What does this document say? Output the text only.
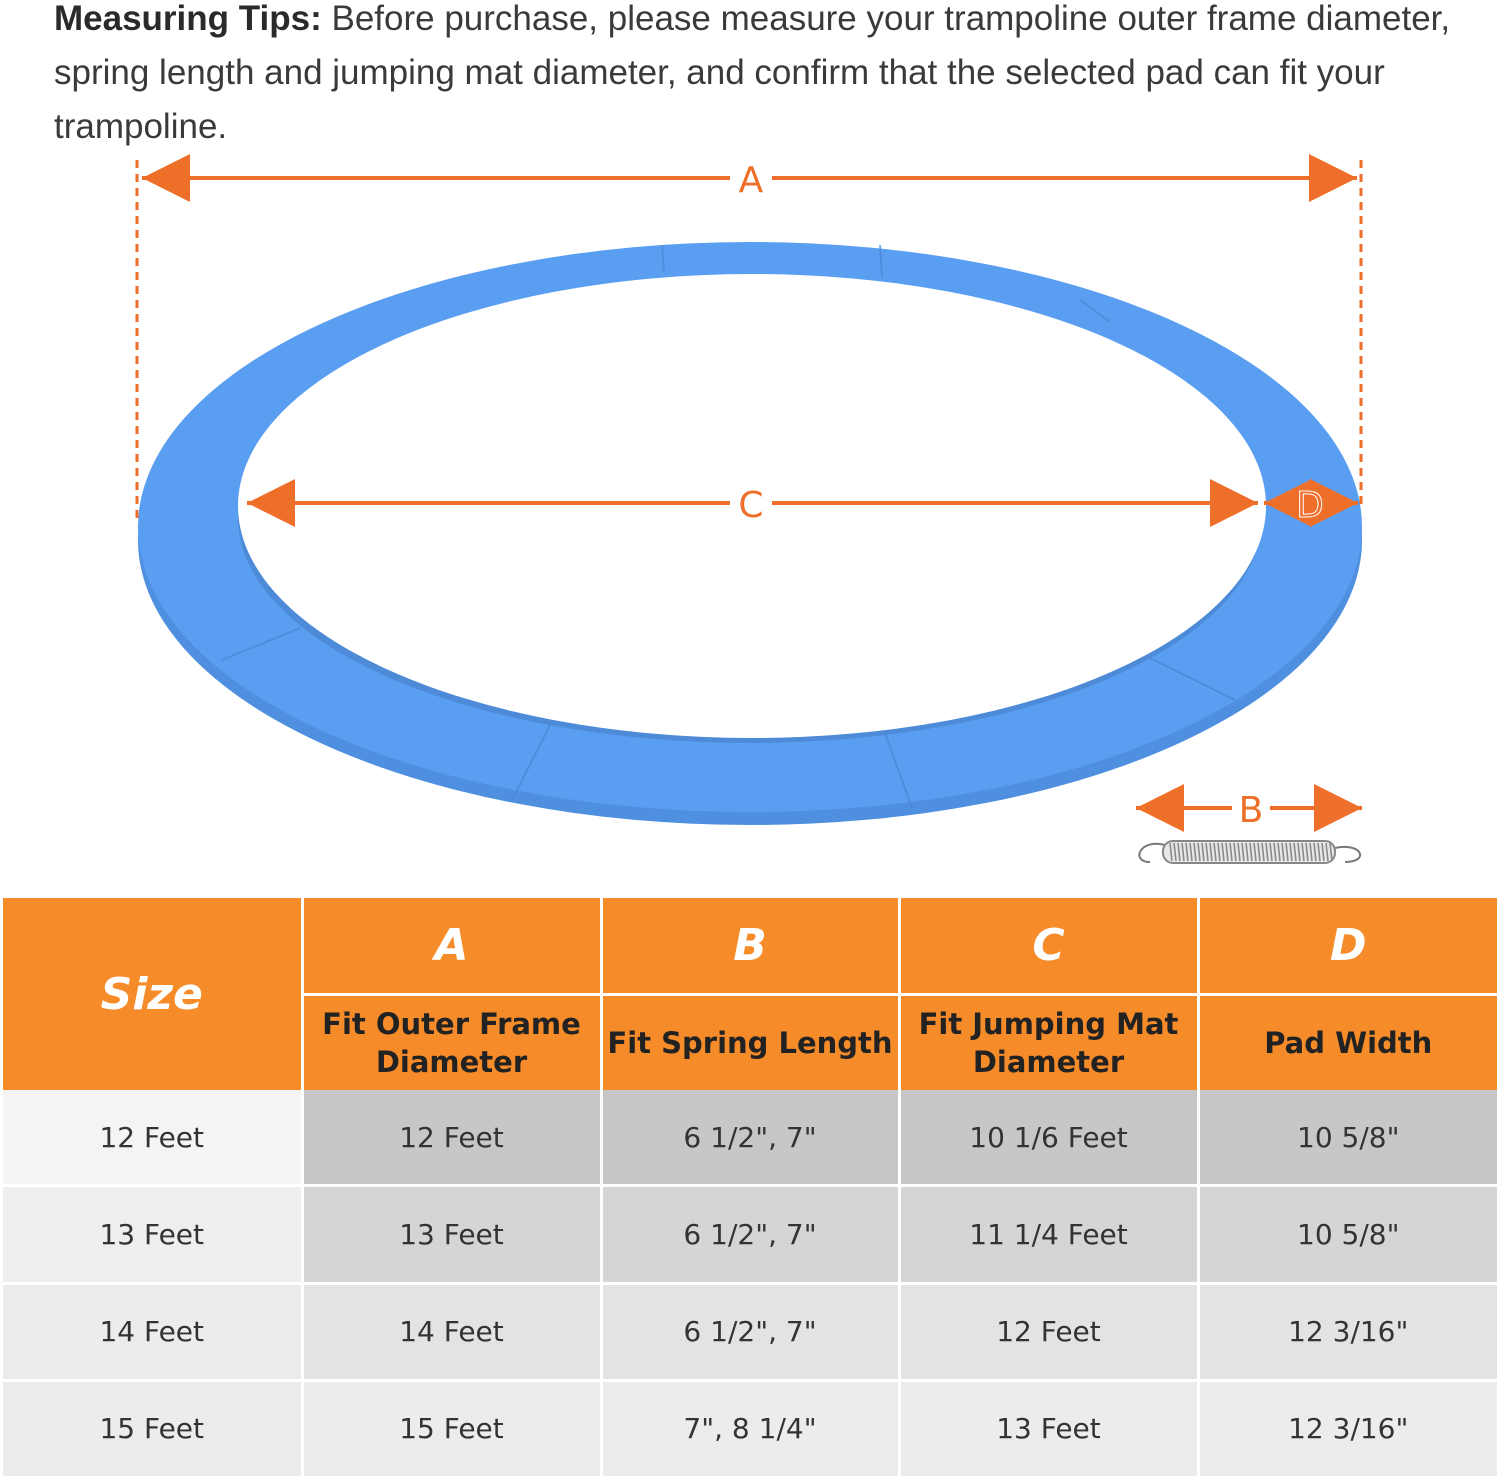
Measuring Tips: Before purchase, please measure your trampoline outer frame diameter, spring length and jumping mat diameter, and confirm that the selected pad can fit your trampoline.
A
C	D
B
Size	A	B	C	D
	Fit Outer Frame Diameter	Fit Spring Length	Fit Jumping Mat Diameter	Pad Width
12 Feet	12 Feet	6 1/2", 7"	10 1/6 Feet	10 5/8"
13 Feet	13 Feet	6 1/2", 7"	11 1/4 Feet	10 5/8"
14 Feet	14 Feet	6 1/2", 7"	12 Feet	12 3/16"
15 Feet	15 Feet	7", 8 1/4"	13 Feet	12 3/16"
